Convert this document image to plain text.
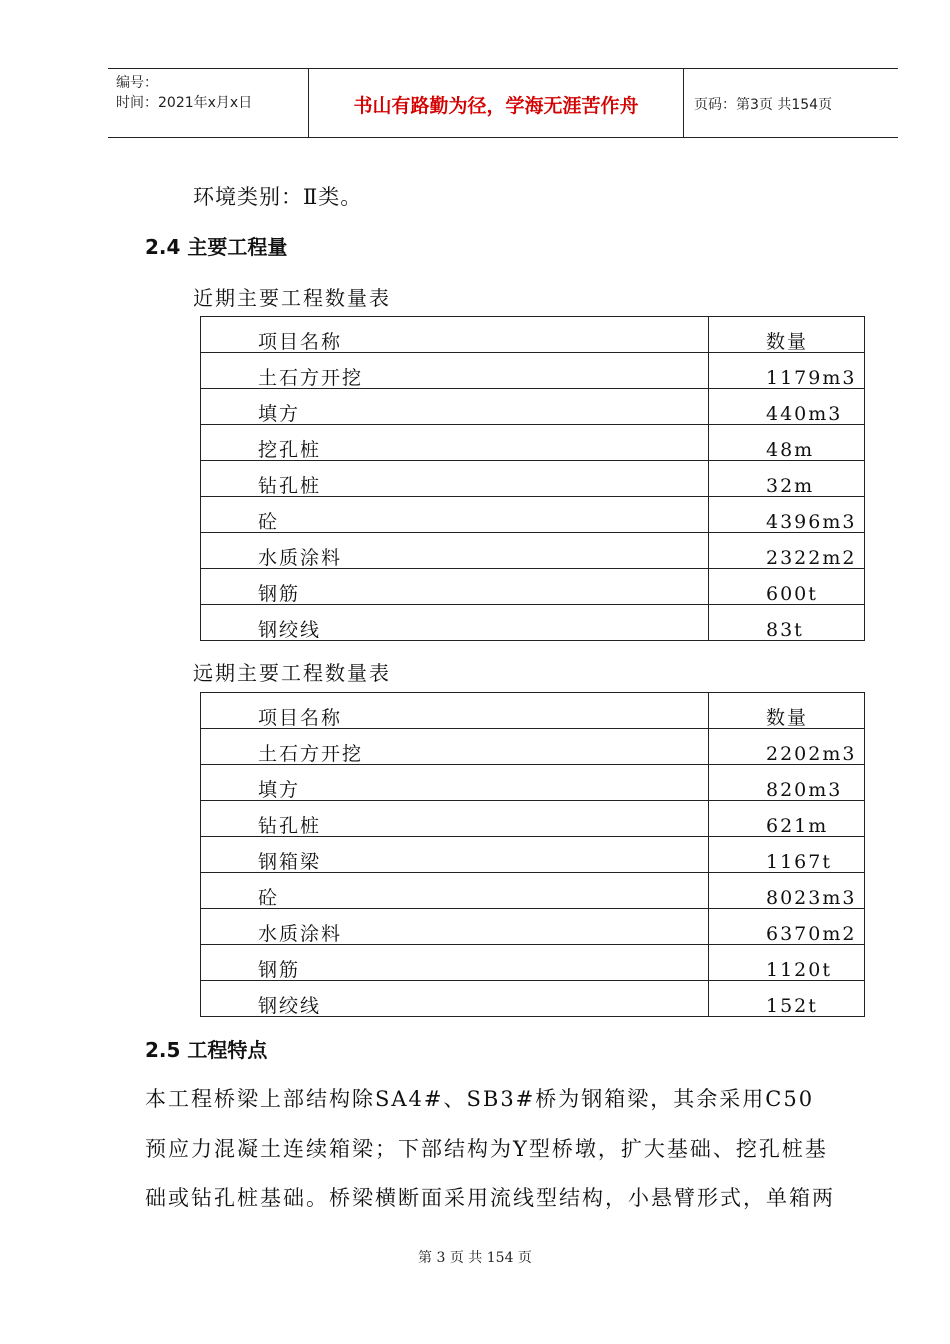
编号：
时间：2021年x月x日	书山有路勤为径，学海无涯苦作舟	页码：第3页 共154页
环境类别：Ⅱ类。
2.4 主要工程量
近期主要工程数量表
项目名称	数量
土石方开挖	1179m3
填方	440m3
挖孔桩	48m
钻孔桩	32m
砼	4396m3
水质涂料	2322m2
钢筋	600t
钢绞线	83t
远期主要工程数量表
项目名称	数量
土石方开挖	2202m3
填方	820m3
钻孔桩	621m
钢箱梁	1167t
砼	8023m3
水质涂料	6370m2
钢筋	1120t
钢绞线	152t
2.5 工程特点
本工程桥梁上部结构除SA4#、SB3#桥为钢箱梁，其余采用C50
预应力混凝土连续箱梁；下部结构为Y型桥墩，扩大基础、挖孔桩基
础或钻孔桩基础。桥梁横断面采用流线型结构，小悬臂形式，单箱两
第 3 页 共 154 页
